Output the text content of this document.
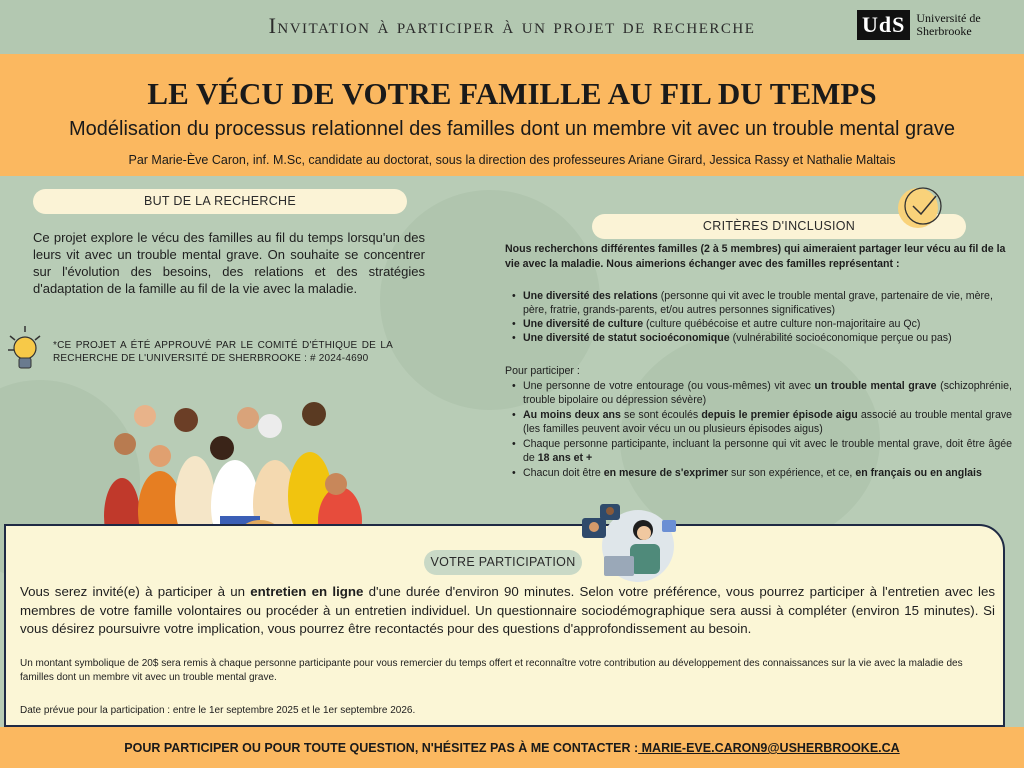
Invitation à participer à un projet de recherche	UdS Université de
Sherbrooke
LE VÉCU DE VOTRE FAMILLE AU FIL DU TEMPS
Modélisation du processus relationnel des familles dont un membre vit avec un trouble mental grave
Par Marie-Ève Caron, inf. M.Sc, candidate au doctorat, sous la direction des professeures Ariane Girard, Jessica Rassy et Nathalie Maltais
BUT DE LA RECHERCHE
Ce projet explore le vécu des familles au fil du temps lorsqu'un des leurs vit avec un trouble mental grave. On souhaite se concentrer sur l'évolution des besoins, des relations et des stratégies d'adaptation de la famille au fil de la vie avec la maladie.
*CE PROJET A ÉTÉ APPROUVÉ PAR LE COMITÉ D'ÉTHIQUE DE LA RECHERCHE DE L'UNIVERSITÉ DE SHERBROOKE : # 2024-4690
CRITÈRES D'INCLUSION
Nous recherchons différentes familles (2 à 5 membres) qui aimeraient partager leur vécu au fil de la vie avec la maladie. Nous aimerions échanger avec des familles représentant :
• Une diversité des relations (personne qui vit avec le trouble mental grave, partenaire de vie, mère, père, fratrie, grands-parents, et/ou autres personnes significatives)
• Une diversité de culture (culture québécoise et autre culture non-majoritaire au Qc)
• Une diversité de statut socioéconomique (vulnérabilité socioéconomique perçue ou pas)
Pour participer :
• Une personne de votre entourage (ou vous-mêmes) vit avec un trouble mental grave (schizophrénie, trouble bipolaire ou dépression sévère)
• Au moins deux ans se sont écoulés depuis le premier épisode aigu associé au trouble mental grave (les familles peuvent avoir vécu un ou plusieurs épisodes aigus)
• Chaque personne participante, incluant la personne qui vit avec le trouble mental grave, doit être âgée de 18 ans et +
• Chacun doit être en mesure de s'exprimer sur son expérience, et ce, en français ou en anglais
VOTRE PARTICIPATION
Vous serez invité(e) à participer à un entretien en ligne d'une durée d'environ 90 minutes. Selon votre préférence, vous pourrez participer à l'entretien avec les membres de votre famille volontaires ou procéder à un entretien individuel. Un questionnaire sociodémographique sera aussi à compléter (environ 15 minutes). Si vous désirez poursuivre votre implication, vous pourrez être recontactés pour des questions d'approfondissement au besoin.
Un montant symbolique de 20$ sera remis à chaque personne participante pour vous remercier du temps offert et reconnaître votre contribution au développement des connaissances sur la vie avec la maladie des familles dont un membre vit avec un trouble mental grave.
Date prévue pour la participation : entre le 1er septembre 2025 et le 1er septembre 2026.
POUR PARTICIPER OU POUR TOUTE QUESTION, N'HÉSITEZ PAS À ME CONTACTER : MARIE-EVE.CARON9@USHERBROOKE.CA
